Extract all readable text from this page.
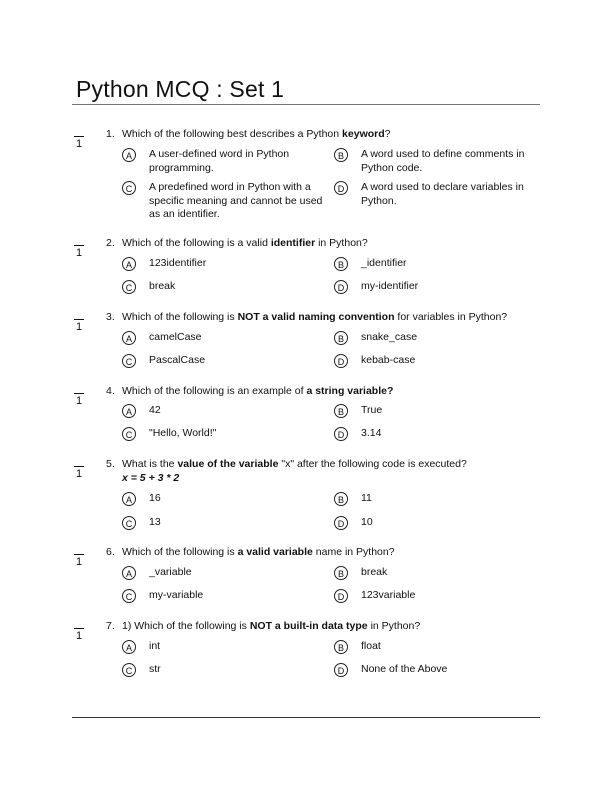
Python MCQ : Set 1
1
1. Which of the following best describes a Python keyword?
A	A user-defined word in Python programming.
B	A word used to define comments in Python code.
C	A predefined word in Python with a specific meaning and cannot be used as an identifier.
D	A word used to declare variables in Python.
1
2. Which of the following is a valid identifier in Python?
A	123identifier	B	_identifier
C	break	D	my-identifier
1
3. Which of the following is NOT a valid naming convention for variables in Python?
A	camelCase	B	snake_case
C	PascalCase	D	kebab-case
1
4. Which of the following is an example of a string variable?
A	42	B	True
C	"Hello, World!"	D	3.14
1
5. What is the value of the variable "x" after the following code is executed?
x = 5 + 3 * 2
A	16	B	11
C	13	D	10
1
6. Which of the following is a valid variable name in Python?
A	_variable	B	break
C	my-variable	D	123variable
1
7. 1) Which of the following is NOT a built-in data type in Python?
A	int	B	float
C	str	D	None of the Above
